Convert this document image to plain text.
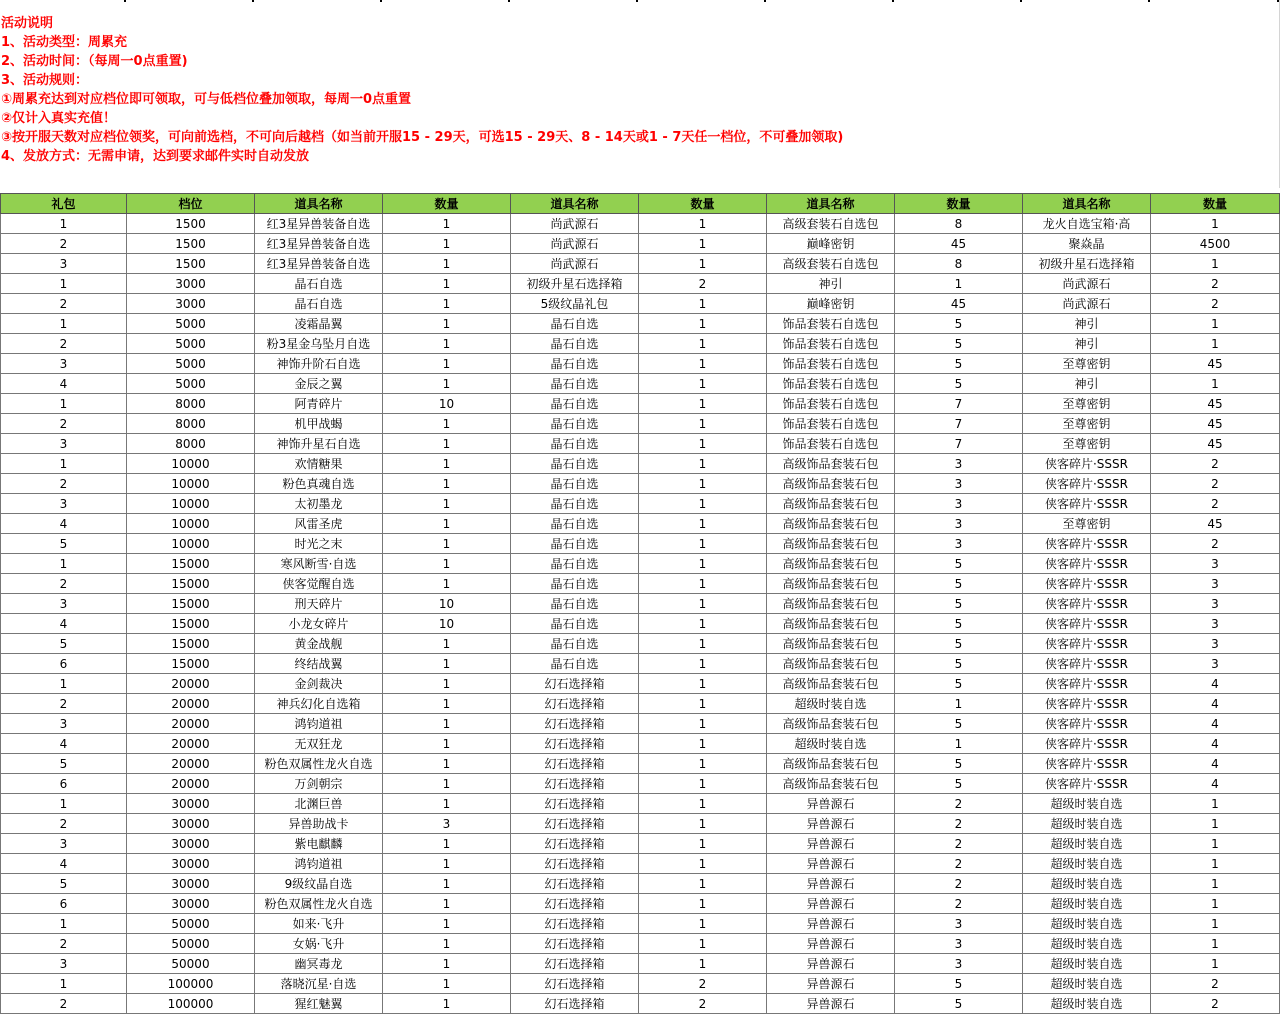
活动说明
1、活动类型：周累充
2、活动时间：（每周一0点重置)
3、活动规则：
①周累充达到对应档位即可领取，可与低档位叠加领取，每周一0点重置
②仅计入真实充值！
③按开服天数对应档位领奖，可向前选档，不可向后越档（如当前开服15 - 29天，可选15 - 29天、8 - 14天或1 - 7天任一档位，不可叠加领取)
4、发放方式：无需申请，达到要求邮件实时自动发放
礼包	档位	道具名称	数量	道具名称	数量	道具名称	数量	道具名称	数量
1	1500	红3星异兽装备自选	1	尚武源石	1	高级套装石自选包	8	龙火自选宝箱·高	1
2	1500	红3星异兽装备自选	1	尚武源石	1	巅峰密钥	45	聚焱晶	4500
3	1500	红3星异兽装备自选	1	尚武源石	1	高级套装石自选包	8	初级升星石选择箱	1
1	3000	晶石自选	1	初级升星石选择箱	2	神引	1	尚武源石	2
2	3000	晶石自选	1	5级纹晶礼包	1	巅峰密钥	45	尚武源石	2
1	5000	凌霜晶翼	1	晶石自选	1	饰品套装石自选包	5	神引	1
2	5000	粉3星金乌坠月自选	1	晶石自选	1	饰品套装石自选包	5	神引	1
3	5000	神饰升阶石自选	1	晶石自选	1	饰品套装石自选包	5	至尊密钥	45
4	5000	金辰之翼	1	晶石自选	1	饰品套装石自选包	5	神引	1
1	8000	阿青碎片	10	晶石自选	1	饰品套装石自选包	7	至尊密钥	45
2	8000	机甲战蝎	1	晶石自选	1	饰品套装石自选包	7	至尊密钥	45
3	8000	神饰升星石自选	1	晶石自选	1	饰品套装石自选包	7	至尊密钥	45
1	10000	欢情糖果	1	晶石自选	1	高级饰品套装石包	3	侠客碎片·SSSR	2
2	10000	粉色真魂自选	1	晶石自选	1	高级饰品套装石包	3	侠客碎片·SSSR	2
3	10000	太初墨龙	1	晶石自选	1	高级饰品套装石包	3	侠客碎片·SSSR	2
4	10000	风雷圣虎	1	晶石自选	1	高级饰品套装石包	3	至尊密钥	45
5	10000	时光之末	1	晶石自选	1	高级饰品套装石包	3	侠客碎片·SSSR	2
1	15000	寒风断雪·自选	1	晶石自选	1	高级饰品套装石包	5	侠客碎片·SSSR	3
2	15000	侠客觉醒自选	1	晶石自选	1	高级饰品套装石包	5	侠客碎片·SSSR	3
3	15000	刑天碎片	10	晶石自选	1	高级饰品套装石包	5	侠客碎片·SSSR	3
4	15000	小龙女碎片	10	晶石自选	1	高级饰品套装石包	5	侠客碎片·SSSR	3
5	15000	黄金战舰	1	晶石自选	1	高级饰品套装石包	5	侠客碎片·SSSR	3
6	15000	终结战翼	1	晶石自选	1	高级饰品套装石包	5	侠客碎片·SSSR	3
1	20000	金剑裁决	1	幻石选择箱	1	高级饰品套装石包	5	侠客碎片·SSSR	4
2	20000	神兵幻化自选箱	1	幻石选择箱	1	超级时装自选	1	侠客碎片·SSSR	4
3	20000	鸿钧道祖	1	幻石选择箱	1	高级饰品套装石包	5	侠客碎片·SSSR	4
4	20000	无双狂龙	1	幻石选择箱	1	超级时装自选	1	侠客碎片·SSSR	4
5	20000	粉色双属性龙火自选	1	幻石选择箱	1	高级饰品套装石包	5	侠客碎片·SSSR	4
6	20000	万剑朝宗	1	幻石选择箱	1	高级饰品套装石包	5	侠客碎片·SSSR	4
1	30000	北渊巨兽	1	幻石选择箱	1	异兽源石	2	超级时装自选	1
2	30000	异兽助战卡	3	幻石选择箱	1	异兽源石	2	超级时装自选	1
3	30000	紫电麒麟	1	幻石选择箱	1	异兽源石	2	超级时装自选	1
4	30000	鸿钧道祖	1	幻石选择箱	1	异兽源石	2	超级时装自选	1
5	30000	9级纹晶自选	1	幻石选择箱	1	异兽源石	2	超级时装自选	1
6	30000	粉色双属性龙火自选	1	幻石选择箱	1	异兽源石	2	超级时装自选	1
1	50000	如来·飞升	1	幻石选择箱	1	异兽源石	3	超级时装自选	1
2	50000	女娲·飞升	1	幻石选择箱	1	异兽源石	3	超级时装自选	1
3	50000	幽冥毒龙	1	幻石选择箱	1	异兽源石	3	超级时装自选	1
1	100000	落晓沉星·自选	1	幻石选择箱	2	异兽源石	5	超级时装自选	2
2	100000	猩红魅翼	1	幻石选择箱	2	异兽源石	5	超级时装自选	2
